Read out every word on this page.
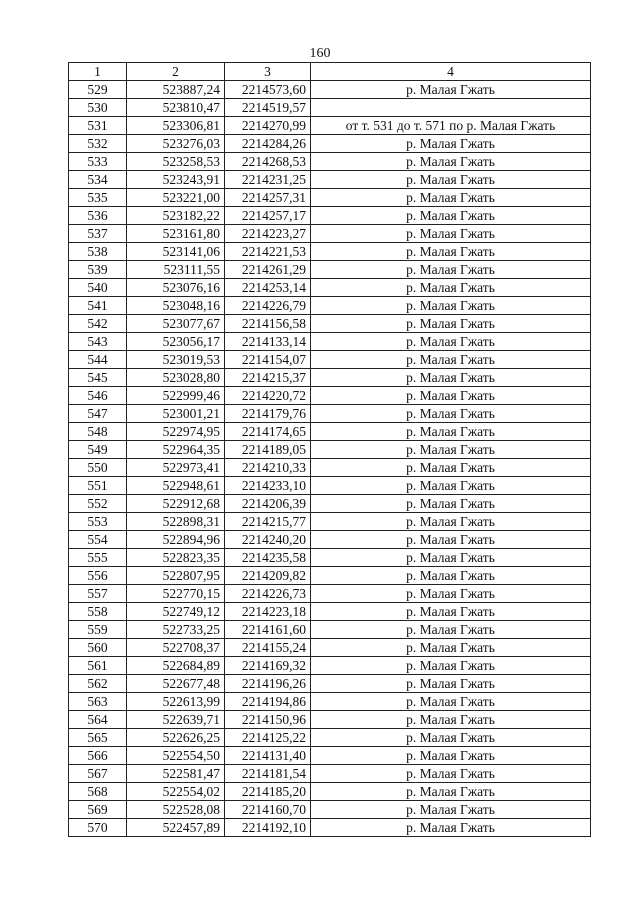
160
1	2	3	4
529	523887,24	2214573,60	р. Малая Гжать
530	523810,47	2214519,57	
531	523306,81	2214270,99	от т. 531 до т. 571 по р. Малая Гжать
532	523276,03	2214284,26	р. Малая Гжать
533	523258,53	2214268,53	р. Малая Гжать
534	523243,91	2214231,25	р. Малая Гжать
535	523221,00	2214257,31	р. Малая Гжать
536	523182,22	2214257,17	р. Малая Гжать
537	523161,80	2214223,27	р. Малая Гжать
538	523141,06	2214221,53	р. Малая Гжать
539	523111,55	2214261,29	р. Малая Гжать
540	523076,16	2214253,14	р. Малая Гжать
541	523048,16	2214226,79	р. Малая Гжать
542	523077,67	2214156,58	р. Малая Гжать
543	523056,17	2214133,14	р. Малая Гжать
544	523019,53	2214154,07	р. Малая Гжать
545	523028,80	2214215,37	р. Малая Гжать
546	522999,46	2214220,72	р. Малая Гжать
547	523001,21	2214179,76	р. Малая Гжать
548	522974,95	2214174,65	р. Малая Гжать
549	522964,35	2214189,05	р. Малая Гжать
550	522973,41	2214210,33	р. Малая Гжать
551	522948,61	2214233,10	р. Малая Гжать
552	522912,68	2214206,39	р. Малая Гжать
553	522898,31	2214215,77	р. Малая Гжать
554	522894,96	2214240,20	р. Малая Гжать
555	522823,35	2214235,58	р. Малая Гжать
556	522807,95	2214209,82	р. Малая Гжать
557	522770,15	2214226,73	р. Малая Гжать
558	522749,12	2214223,18	р. Малая Гжать
559	522733,25	2214161,60	р. Малая Гжать
560	522708,37	2214155,24	р. Малая Гжать
561	522684,89	2214169,32	р. Малая Гжать
562	522677,48	2214196,26	р. Малая Гжать
563	522613,99	2214194,86	р. Малая Гжать
564	522639,71	2214150,96	р. Малая Гжать
565	522626,25	2214125,22	р. Малая Гжать
566	522554,50	2214131,40	р. Малая Гжать
567	522581,47	2214181,54	р. Малая Гжать
568	522554,02	2214185,20	р. Малая Гжать
569	522528,08	2214160,70	р. Малая Гжать
570	522457,89	2214192,10	р. Малая Гжать
